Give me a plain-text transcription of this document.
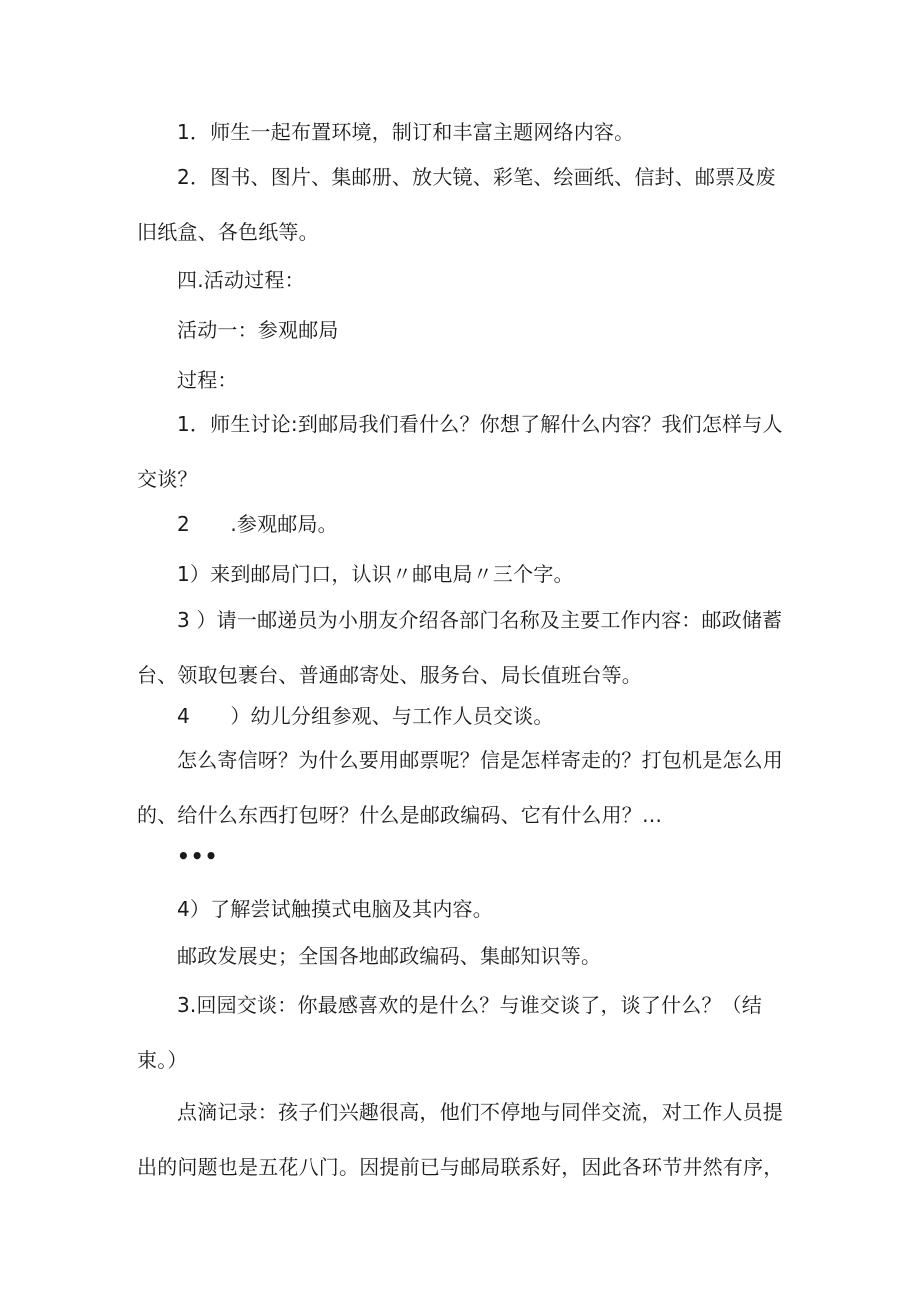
1．师生一起布置环境，制订和丰富主题网络内容。
2．图书、图片、集邮册、放大镜、彩笔、绘画纸、信封、邮票及废旧纸盒、各色纸等。
四.活动过程：
活动一：参观邮局
过程：
1．师生讨论:到邮局我们看什么？你想了解什么内容？我们怎样与人交谈？
2　　.参观邮局。
1）来到邮局门口，认识〃邮电局〃三个字。
3 ）请一邮递员为小朋友介绍各部门名称及主要工作内容：邮政储蓄台、领取包裹台、普通邮寄处、服务台、局长值班台等。
4　　）幼儿分组参观、与工作人员交谈。
怎么寄信呀？为什么要用邮票呢？信是怎样寄走的？打包机是怎么用的、给什么东西打包呀？什么是邮政编码、它有什么用？…
•••
4）了解尝试触摸式电脑及其内容。
邮政发展史；全国各地邮政编码、集邮知识等。
3.回园交谈：你最感喜欢的是什么？与谁交谈了，谈了什么？（结束。）
点滴记录：孩子们兴趣很高，他们不停地与同伴交流，对工作人员提出的问题也是五花八门。因提前已与邮局联系好，因此各环节井然有序，
